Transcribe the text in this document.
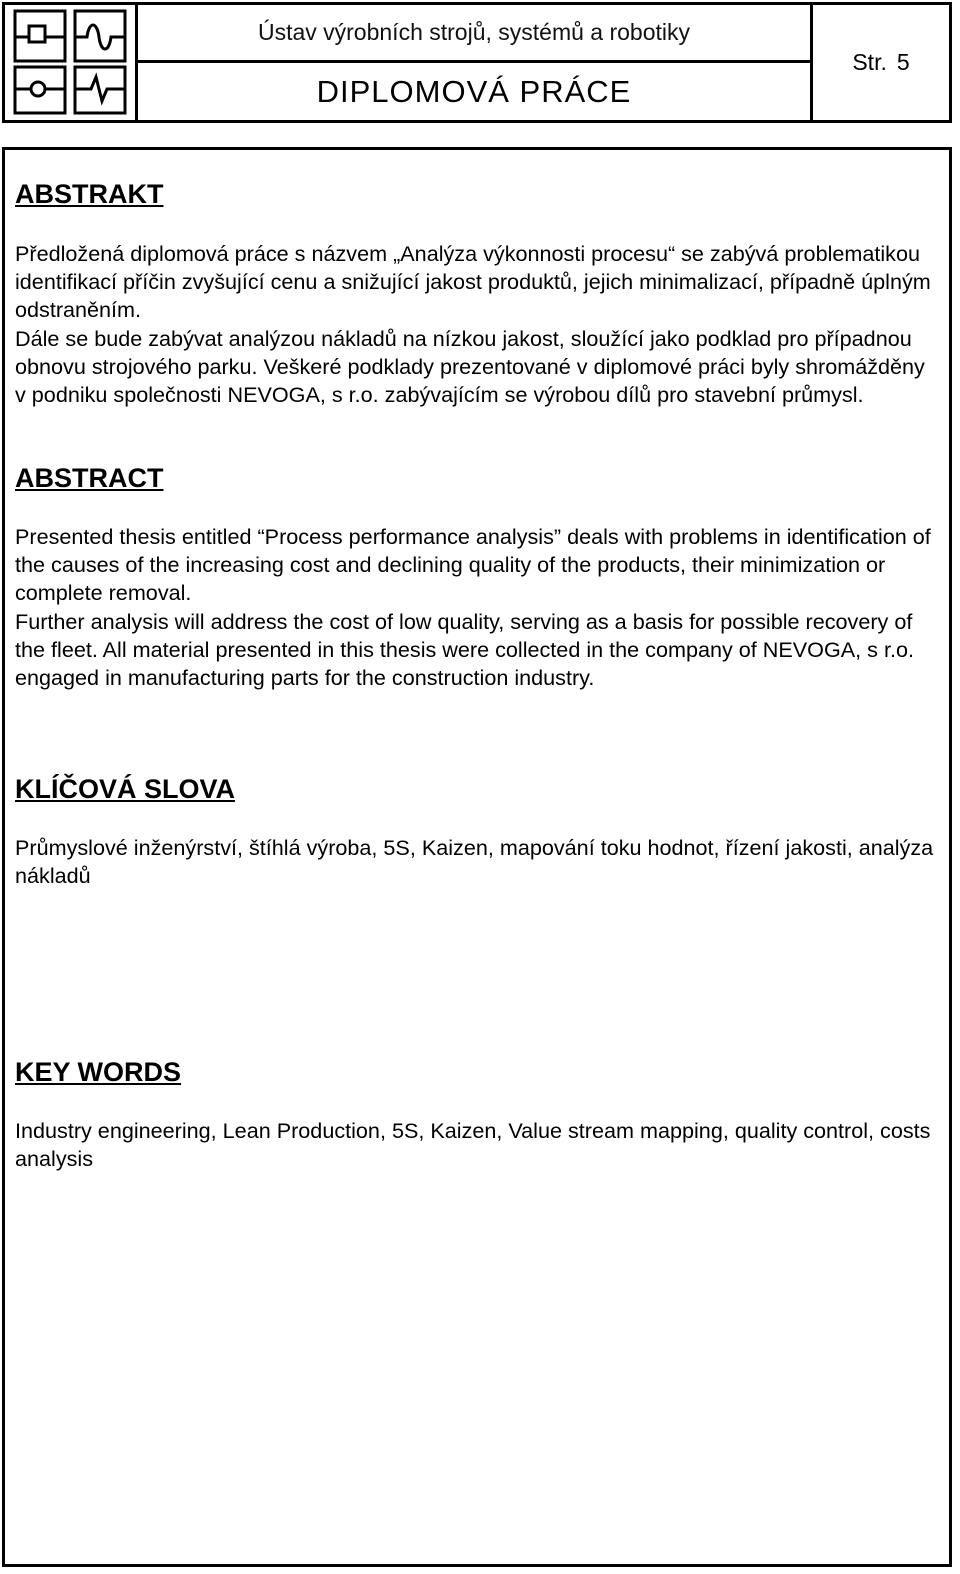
Ústav výrobních strojů, systémů a robotiky
DIPLOMOVÁ PRÁCE
Str. 5
ABSTRAKT

Předložená diplomová práce s názvem „Analýza výkonnosti procesu“ se zabývá problematikou identifikací příčin zvyšující cenu a snižující jakost produktů, jejich minimalizací, případně úplným odstraněním.

Dále se bude zabývat analýzou nákladů na nízkou jakost, sloužící jako podklad pro případnou obnovu strojového parku. Veškeré podklady prezentované v diplomové práci byly shromážděny v podniku společnosti NEVOGA, s r.o. zabývajícím se výrobou dílů pro stavební průmysl.

ABSTRACT

Presented thesis entitled “Process performance analysis” deals with problems in identification of the causes of the increasing cost and declining quality of the products, their minimization or complete removal.

Further analysis will address the cost of low quality, serving as a basis for possible recovery of the fleet. All material presented in this thesis were collected in the company of NEVOGA, s r.o. engaged in manufacturing parts for the construction industry.

KLÍČOVÁ SLOVA

Průmyslové inženýrství, štíhlá výroba, 5S, Kaizen, mapování toku hodnot, řízení jakosti, analýza nákladů

KEY WORDS

Industry engineering, Lean Production, 5S, Kaizen, Value stream mapping, quality control, costs analysis
